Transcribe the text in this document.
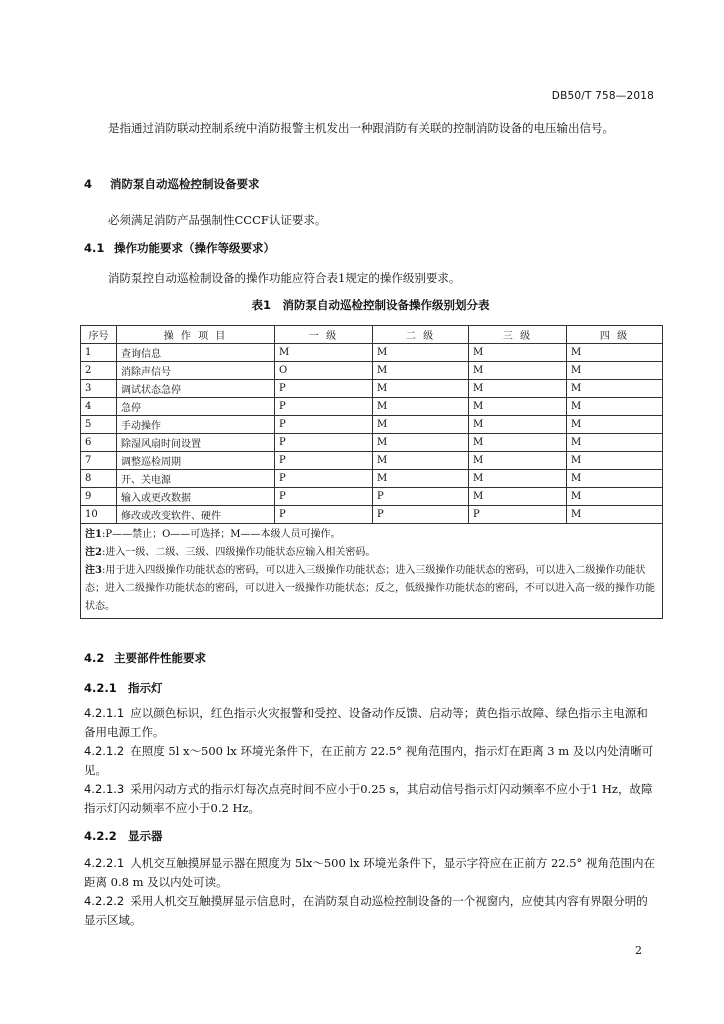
DB50/T 758—2018
是指通过消防联动控制系统中消防报警主机发出一种跟消防有关联的控制消防设备的电压输出信号。
4 消防泵自动巡检控制设备要求
必须满足消防产品强制性CCCF认证要求。
4.1 操作功能要求（操作等级要求）
消防泵控自动巡检制设备的操作功能应符合表1规定的操作级别要求。
表1　消防泵自动巡检控制设备操作级别划分表
序号	操 作 项 目	一 级	二 级	三 级	四 级
1	查询信息	M	M	M	M
2	消除声信号	O	M	M	M
3	调试状态急停	P	M	M	M
4	急停	P	M	M	M
5	手动操作	P	M	M	M
6	除湿风扇时间设置	P	M	M	M
7	调整巡检周期	P	M	M	M
8	开、关电源	P	M	M	M
9	输入或更改数据	P	P	M	M
10	修改或改变软件、硬件	P	P	P	M

注1:P——禁止；O——可选择；M——本级人员可操作。
注2:进入一级、二级、三级、四级操作功能状态应输入相关密码。
注3:用于进入四级操作功能状态的密码，可以进入三级操作功能状态；进入三级操作功能状态的密码，可以进入二级操作功能状态；进入二级操作功能状态的密码，可以进入一级操作功能状态；反之，低级操作功能状态的密码，不可以进入高一级的操作功能状态。					
4.2 主要部件性能要求
4.2.1 指示灯
4.2.1.1 应以颜色标识，红色指示火灾报警和受控、设备动作反馈、启动等；黄色指示故障、绿色指示主电源和备用电源工作。
4.2.1.2 在照度 5l x～500 lx 环境光条件下，在正前方 22.5° 视角范围内，指示灯在距离 3 m 及以内处清晰可见。
4.2.1.3 采用闪动方式的指示灯每次点亮时间不应小于0.25 s，其启动信号指示灯闪动频率不应小于1 Hz，故障指示灯闪动频率不应小于0.2 Hz。
4.2.2 显示器
4.2.2.1 人机交互触摸屏显示器在照度为 5lx～500 lx 环境光条件下，显示字符应在正前方 22.5° 视角范围内在距离 0.8 m 及以内处可读。
4.2.2.2 采用人机交互触摸屏显示信息时，在消防泵自动巡检控制设备的一个视窗内，应使其内容有界限分明的显示区域。
2
